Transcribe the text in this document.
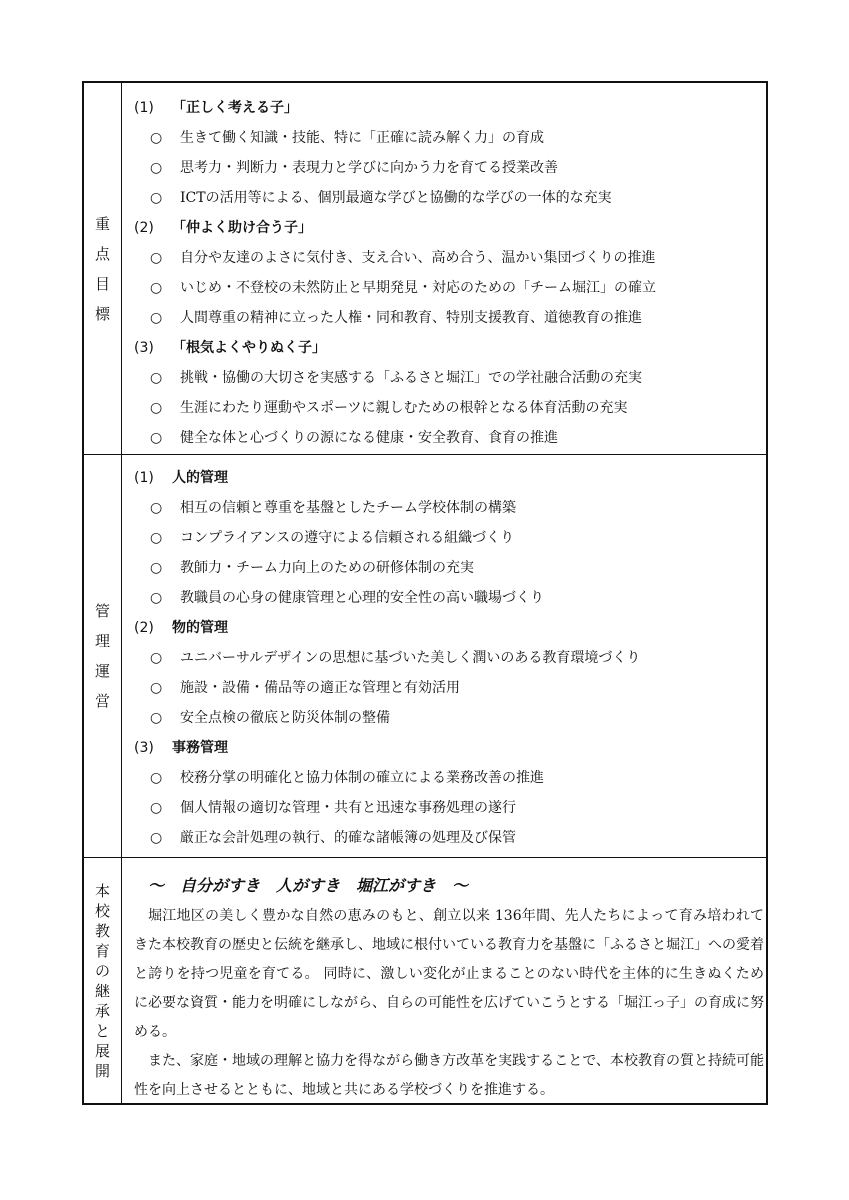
重
点
目
標
(1) 「正しく考える子」
○ 生きて働く知識・技能、特に「正確に読み解く力」の育成
○ 思考力・判断力・表現力と学びに向かう力を育てる授業改善
○ ICTの活用等による、個別最適な学びと協働的な学びの一体的な充実
(2) 「仲よく助け合う子」
○ 自分や友達のよさに気付き、支え合い、高め合う、温かい集団づくりの推進
○ いじめ・不登校の未然防止と早期発見・対応のための「チーム堀江」の確立
○ 人間尊重の精神に立った人権・同和教育、特別支援教育、道徳教育の推進
(3) 「根気よくやりぬく子」
○ 挑戦・協働の大切さを実感する「ふるさと堀江」での学社融合活動の充実
○ 生涯にわたり運動やスポーツに親しむための根幹となる体育活動の充実
○ 健全な体と心づくりの源になる健康・安全教育、食育の推進
管
理
運
営
(1) 人的管理
○ 相互の信頼と尊重を基盤としたチーム学校体制の構築
○ コンプライアンスの遵守による信頼される組織づくり
○ 教師力・チーム力向上のための研修体制の充実
○ 教職員の心身の健康管理と心理的安全性の高い職場づくり
(2) 物的管理
○ ユニバーサルデザインの思想に基づいた美しく潤いのある教育環境づくり
○ 施設・設備・備品等の適正な管理と有効活用
○ 安全点検の徹底と防災体制の整備
(3) 事務管理
○ 校務分掌の明確化と協力体制の確立による業務改善の推進
○ 個人情報の適切な管理・共有と迅速な事務処理の遂行
○ 厳正な会計処理の執行、的確な諸帳簿の処理及び保管
本
校
教
育
の
継
承
と
展
開
～　自分がすき　人がすき　堀江がすき　～

堀江地区の美しく豊かな自然の恵みのもと、創立以来 136年間、先人たちによって育み培われてきた本校教育の歴史と伝統を継承し、地域に根付いている教育力を基盤に「ふるさと堀江」への愛着と誇りを持つ児童を育てる。 同時に、激しい変化が止まることのない時代を主体的に生きぬくために必要な資質・能力を明確にしながら、自らの可能性を広げていこうとする「堀江っ子」の育成に努める。

また、家庭・地域の理解と協力を得ながら働き方改革を実践することで、本校教育の質と持続可能性を向上させるとともに、地域と共にある学校づくりを推進する。
